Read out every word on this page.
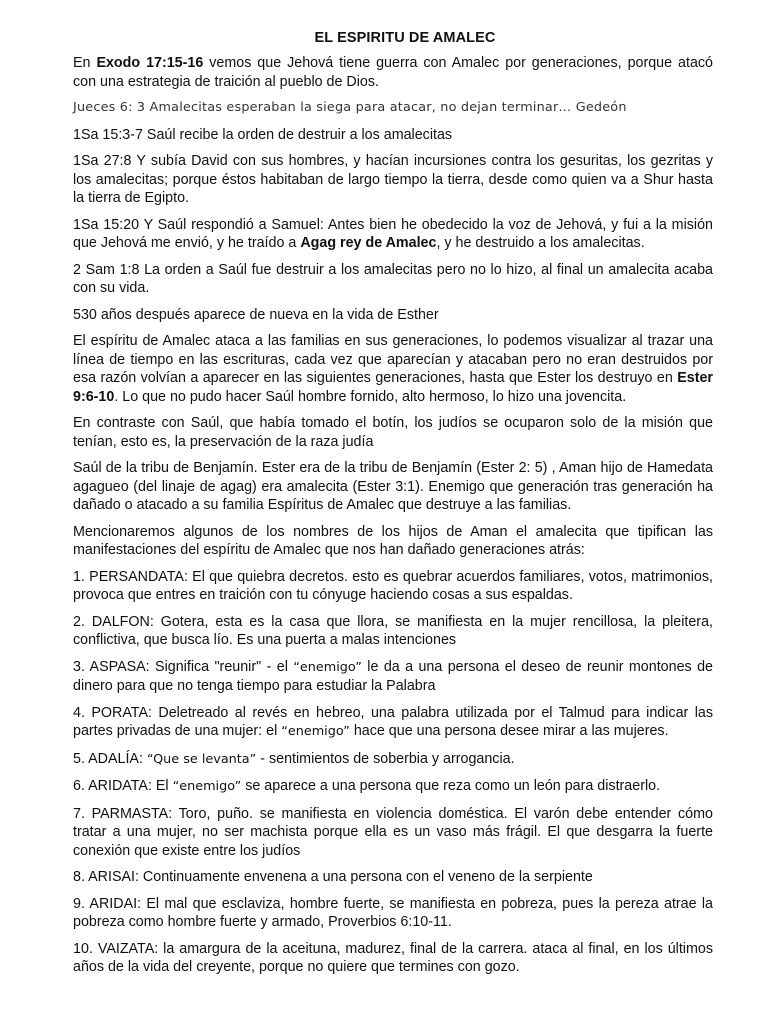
EL ESPIRITU DE AMALEC

En Exodo 17:15-16 vemos que Jehová tiene guerra con Amalec por generaciones, porque atacó con una estrategia de traición al pueblo de Dios.

Jueces 6: 3 Amalecitas esperaban la siega para atacar, no dejan terminar… Gedeón

1Sa 15:3-7 Saúl recibe la orden de destruir a los amalecitas

1Sa 27:8 Y subía David con sus hombres, y hacían incursiones contra los gesuritas, los gezritas y los amalecitas; porque éstos habitaban de largo tiempo la tierra, desde como quien va a Shur hasta la tierra de Egipto.

1Sa 15:20 Y Saúl respondió a Samuel: Antes bien he obedecido la voz de Jehová, y fui a la misión que Jehová me envió, y he traído a Agag rey de Amalec, y he destruido a los amalecitas.

2 Sam 1:8 La orden a Saúl fue destruir a los amalecitas pero no lo hizo, al final un amalecita acaba con su vida.

530 años después aparece de nueva en la vida de Esther

El espíritu de Amalec ataca a las familias en sus generaciones, lo podemos visualizar al trazar una línea de tiempo en las escrituras, cada vez que aparecían y atacaban pero no eran destruidos por esa razón volvían a aparecer en las siguientes generaciones, hasta que Ester los destruyo en Ester 9:6-10. Lo que no pudo hacer Saúl hombre fornido, alto hermoso, lo hizo una jovencita.

En contraste con Saúl, que había tomado el botín, los judíos se ocuparon solo de la misión que tenían, esto es, la preservación de la raza judía

Saúl de la tribu de Benjamín. Ester era de la tribu de Benjamín (Ester 2: 5) , Aman hijo de Hamedata agagueo (del linaje de agag) era amalecita (Ester 3:1). Enemigo que generación tras generación ha dañado o atacado a su familia Espíritus de Amalec que destruye a las familias.

Mencionaremos algunos de los nombres de los hijos de Aman el amalecita que tipifican las manifestaciones del espíritu de Amalec que nos han dañado generaciones atrás:

1. PERSANDATA: El que quiebra decretos. esto es quebrar acuerdos familiares, votos, matrimonios, provoca que entres en traición con tu cónyuge haciendo cosas a sus espaldas.

2. DALFON: Gotera, esta es la casa que llora, se manifiesta en la mujer rencillosa, la pleitera, conflictiva, que busca lío. Es una puerta a malas intenciones

3. ASPASA: Significa "reunir" - el “enemigo” le da a una persona el deseo de reunir montones de dinero para que no tenga tiempo para estudiar la Palabra

4. PORATA: Deletreado al revés en hebreo, una palabra utilizada por el Talmud para indicar las partes privadas de una mujer: el “enemigo” hace que una persona desee mirar a las mujeres.

5. ADALÍA: “Que se levanta” - sentimientos de soberbia y arrogancia.

6. ARIDATA: El “enemigo” se aparece a una persona que reza como un león para distraerlo.

7. PARMASTA: Toro, puño. se manifiesta en violencia doméstica. El varón debe entender cómo tratar a una mujer, no ser machista porque ella es un vaso más frágil. El que desgarra la fuerte conexión que existe entre los judíos

8. ARISAI: Continuamente envenena a una persona con el veneno de la serpiente

9. ARIDAI: El mal que esclaviza, hombre fuerte, se manifiesta en pobreza, pues la pereza atrae la pobreza como hombre fuerte y armado, Proverbios 6:10-11.

10. VAIZATA: la amargura de la aceituna, madurez, final de la carrera. ataca al final, en los últimos años de la vida del creyente, porque no quiere que termines con gozo.
